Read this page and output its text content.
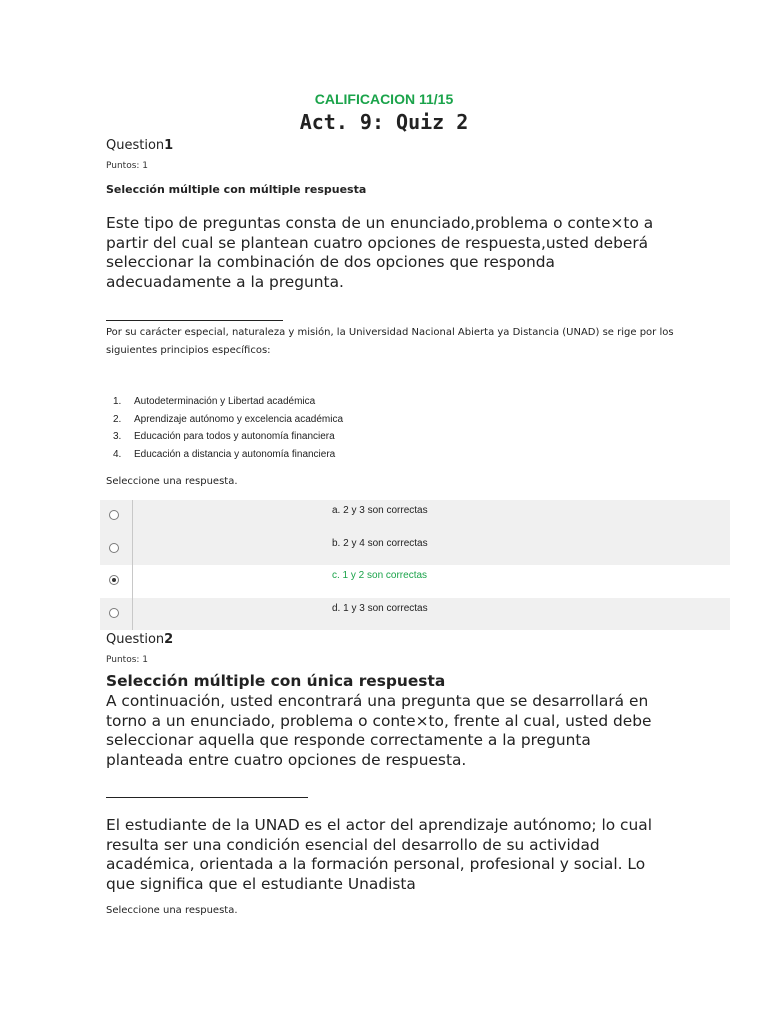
CALIFICACION 11/15
Act. 9: Quiz 2
Question1
Puntos: 1
Selección múltiple con múltiple respuesta
Este tipo de preguntas consta de un enunciado,problema o conte×to a partir del cual se plantean cuatro opciones de respuesta,usted deberá seleccionar la combinación de dos opciones que responda adecuadamente a la pregunta.
Por su carácter especial, naturaleza y misión, la Universidad Nacional Abierta ya Distancia (UNAD) se rige por los siguientes principios específicos:
1. Autodeterminación y Libertad académica
2. Aprendizaje autónomo y excelencia académica
3. Educación para todos y autonomía financiera
4. Educación a distancia y autonomía financiera
Seleccione una respuesta.
a. 2 y 3 son correctas
b. 2 y 4 son correctas
c. 1 y 2 son correctas
d. 1 y 3 son correctas
Question2
Puntos: 1
Selección múltiple con única respuesta
A continuación, usted encontrará una pregunta que se desarrollará en torno a un enunciado, problema o conte×to, frente al cual, usted debe seleccionar aquella que responde correctamente a la pregunta planteada entre cuatro opciones de respuesta.
El estudiante de la UNAD es el actor del aprendizaje autónomo; lo cual resulta ser una condición esencial del desarrollo de su actividad académica, orientada a la formación personal, profesional y social. Lo que significa que el estudiante Unadista
Seleccione una respuesta.
